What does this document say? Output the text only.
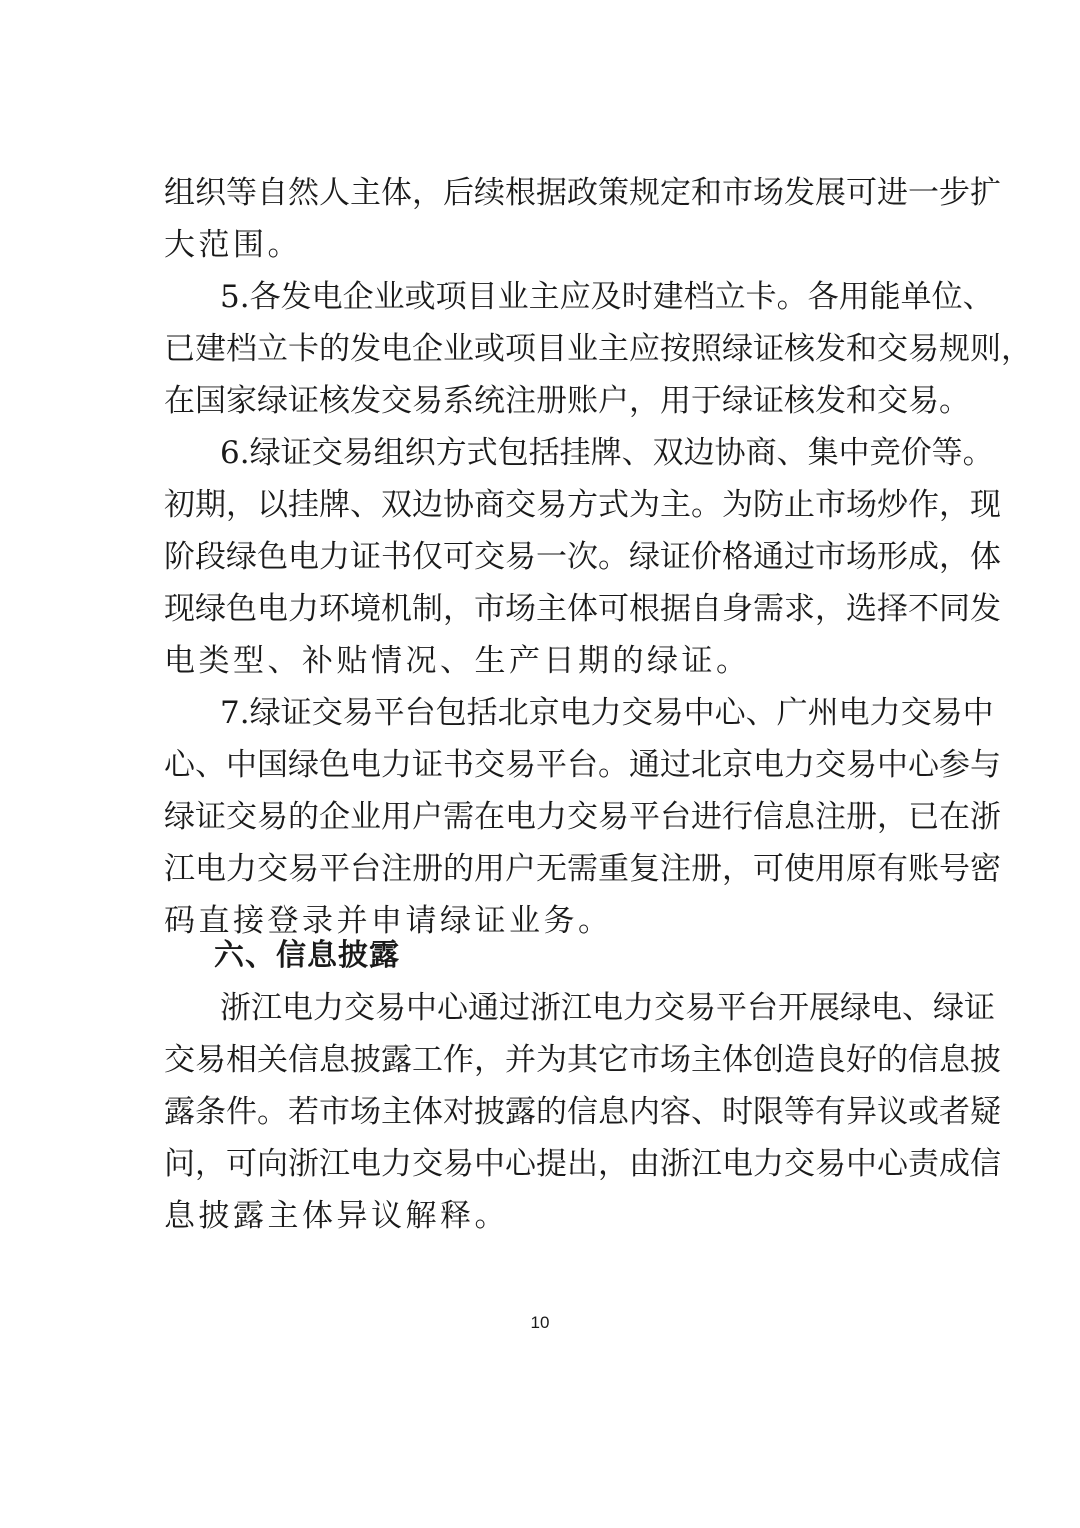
组织等自然人主体，后续根据政策规定和市场发展可进一步扩
大范围。
5.各发电企业或项目业主应及时建档立卡。各用能单位、
已建档立卡的发电企业或项目业主应按照绿证核发和交易规则，
在国家绿证核发交易系统注册账户，用于绿证核发和交易。
6.绿证交易组织方式包括挂牌、双边协商、集中竞价等。
初期，以挂牌、双边协商交易方式为主。为防止市场炒作，现
阶段绿色电力证书仅可交易一次。绿证价格通过市场形成，体
现绿色电力环境机制，市场主体可根据自身需求，选择不同发
电类型、补贴情况、生产日期的绿证。
7.绿证交易平台包括北京电力交易中心、广州电力交易中
心、中国绿色电力证书交易平台。通过北京电力交易中心参与
绿证交易的企业用户需在电力交易平台进行信息注册，已在浙
江电力交易平台注册的用户无需重复注册，可使用原有账号密
码直接登录并申请绿证业务。
六、信息披露
浙江电力交易中心通过浙江电力交易平台开展绿电、绿证
交易相关信息披露工作，并为其它市场主体创造良好的信息披
露条件。若市场主体对披露的信息内容、时限等有异议或者疑
问，可向浙江电力交易中心提出，由浙江电力交易中心责成信
息披露主体异议解释。
10
